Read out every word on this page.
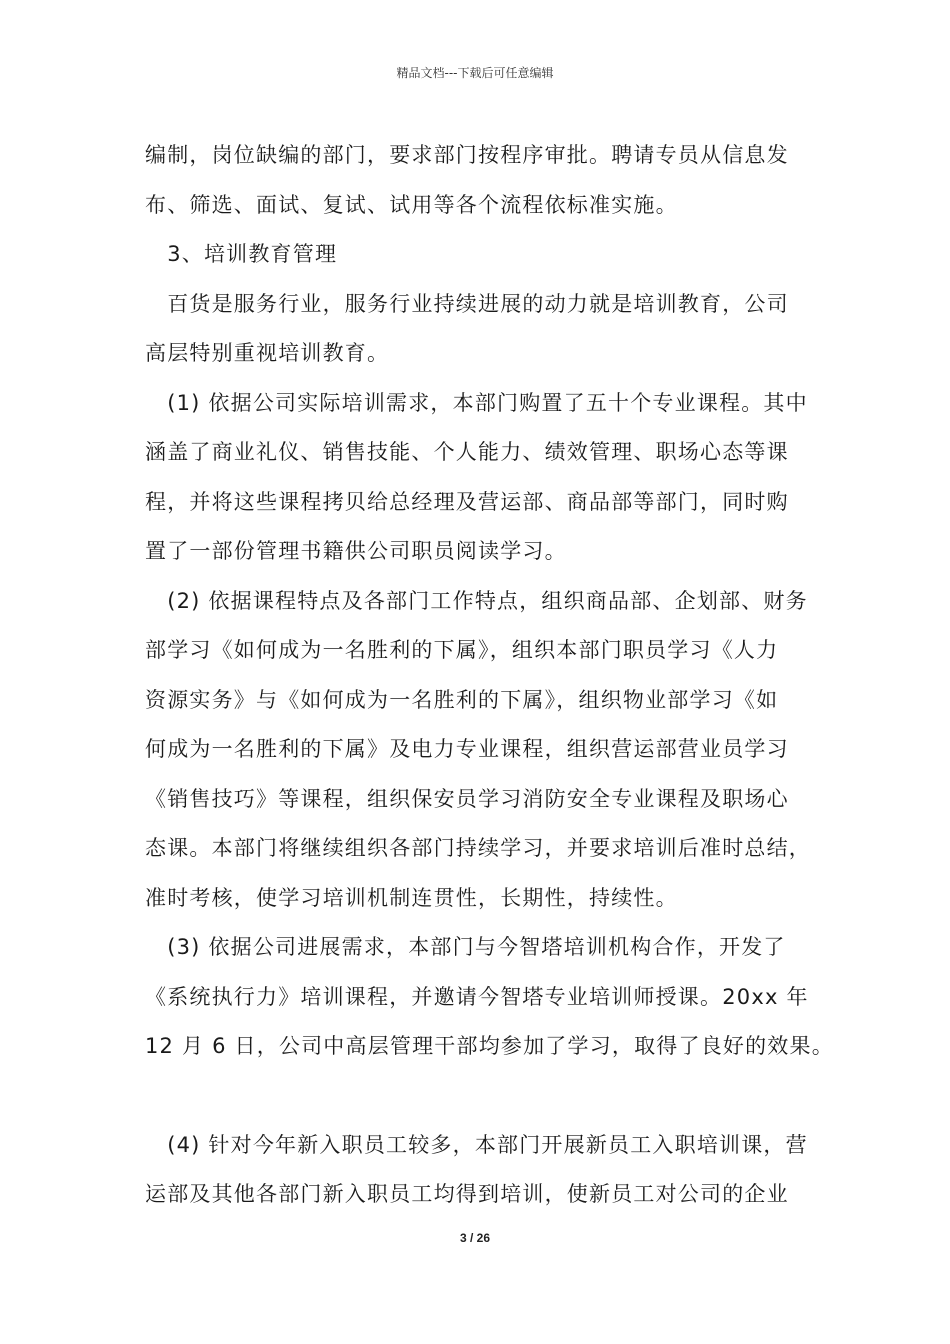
精品文档---下载后可任意编辑
编制，岗位缺编的部门，要求部门按程序审批。聘请专员从信息发
布、筛选、面试、复试、试用等各个流程依标准实施。
　3、培训教育管理
　百货是服务行业，服务行业持续进展的动力就是培训教育，公司
高层特别重视培训教育。
　(1) 依据公司实际培训需求，本部门购置了五十个专业课程。其中
涵盖了商业礼仪、销售技能、个人能力、绩效管理、职场心态等课
程，并将这些课程拷贝给总经理及营运部、商品部等部门，同时购
置了一部份管理书籍供公司职员阅读学习。
　(2) 依据课程特点及各部门工作特点，组织商品部、企划部、财务
部学习《如何成为一名胜利的下属》，组织本部门职员学习《人力
资源实务》与《如何成为一名胜利的下属》，组织物业部学习《如
何成为一名胜利的下属》及电力专业课程，组织营运部营业员学习
《销售技巧》等课程，组织保安员学习消防安全专业课程及职场心
态课。本部门将继续组织各部门持续学习，并要求培训后准时总结，
准时考核，使学习培训机制连贯性，长期性，持续性。
　(3) 依据公司进展需求，本部门与今智塔培训机构合作，开发了
《系统执行力》培训课程，并邀请今智塔专业培训师授课。20xx 年
12 月 6 日，公司中高层管理干部均参加了学习，取得了良好的效果。
　(4) 针对今年新入职员工较多，本部门开展新员工入职培训课，营
运部及其他各部门新入职员工均得到培训，使新员工对公司的企业
3 / 26
